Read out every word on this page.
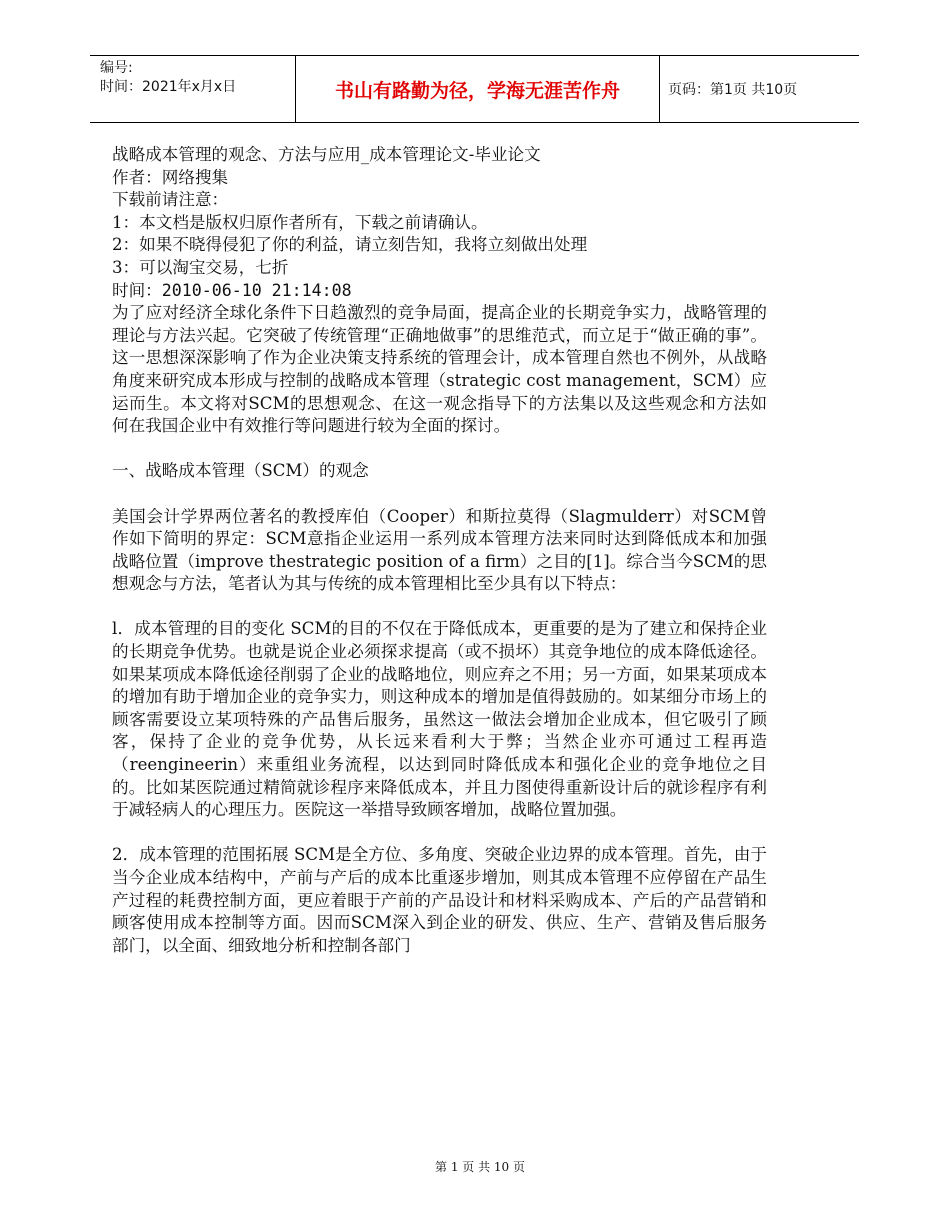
编号:
时间：2021年x月x日	书山有路勤为径，学海无涯苦作舟	页码：第1页 共10页

战略成本管理的观念、方法与应用_成本管理论文-毕业论文

作者：网络搜集

下载前请注意：

1：本文档是版权归原作者所有，下载之前请确认。

2：如果不晓得侵犯了你的利益，请立刻告知，我将立刻做出处理

3：可以淘宝交易，七折

时间：2010-06-10 21:14:08

为了应对经济全球化条件下日趋激烈的竞争局面，提高企业的长期竞争实力，战略管理的理论与方法兴起。它突破了传统管理“正确地做事”的思维范式，而立足于“做正确的事”。这一思想深深影响了作为企业决策支持系统的管理会计，成本管理自然也不例外，从战略角度来研究成本形成与控制的战略成本管理（strategic cost management，SCM）应运而生。本文将对SCM的思想观念、在这一观念指导下的方法集以及这些观念和方法如何在我国企业中有效推行等问题进行较为全面的探讨。

一、战略成本管理（SCM）的观念

美国会计学界两位著名的教授库伯（Cooper）和斯拉莫得（Slagmulderr）对SCM曾作如下简明的界定：SCM意指企业运用一系列成本管理方法来同时达到降低成本和加强战略位置（improve thestrategic position of a firm）之目的[1]。综合当今SCM的思想观念与方法，笔者认为其与传统的成本管理相比至少具有以下特点：

l．成本管理的目的变化 SCM的目的不仅在于降低成本，更重要的是为了建立和保持企业的长期竞争优势。也就是说企业必须探求提高（或不损坏）其竞争地位的成本降低途径。如果某项成本降低途径削弱了企业的战略地位，则应弃之不用；另一方面，如果某项成本的增加有助于增加企业的竞争实力，则这种成本的增加是值得鼓励的。如某细分市场上的顾客需要设立某项特殊的产品售后服务，虽然这一做法会增加企业成本，但它吸引了顾客，保持了企业的竞争优势，从长远来看利大于弊；当然企业亦可通过工程再造（reengineerin）来重组业务流程，以达到同时降低成本和强化企业的竞争地位之目的。比如某医院通过精简就诊程序来降低成本，并且力图使得重新设计后的就诊程序有利于减轻病人的心理压力。医院这一举措导致顾客增加，战略位置加强。

2．成本管理的范围拓展 SCM是全方位、多角度、突破企业边界的成本管理。首先，由于当今企业成本结构中，产前与产后的成本比重逐步增加，则其成本管理不应停留在产品生产过程的耗费控制方面，更应着眼于产前的产品设计和材料采购成本、产后的产品营销和顾客使用成本控制等方面。因而SCM深入到企业的研发、供应、生产、营销及售后服务部门，以全面、细致地分析和控制各部门

第 1 页 共 10 页
